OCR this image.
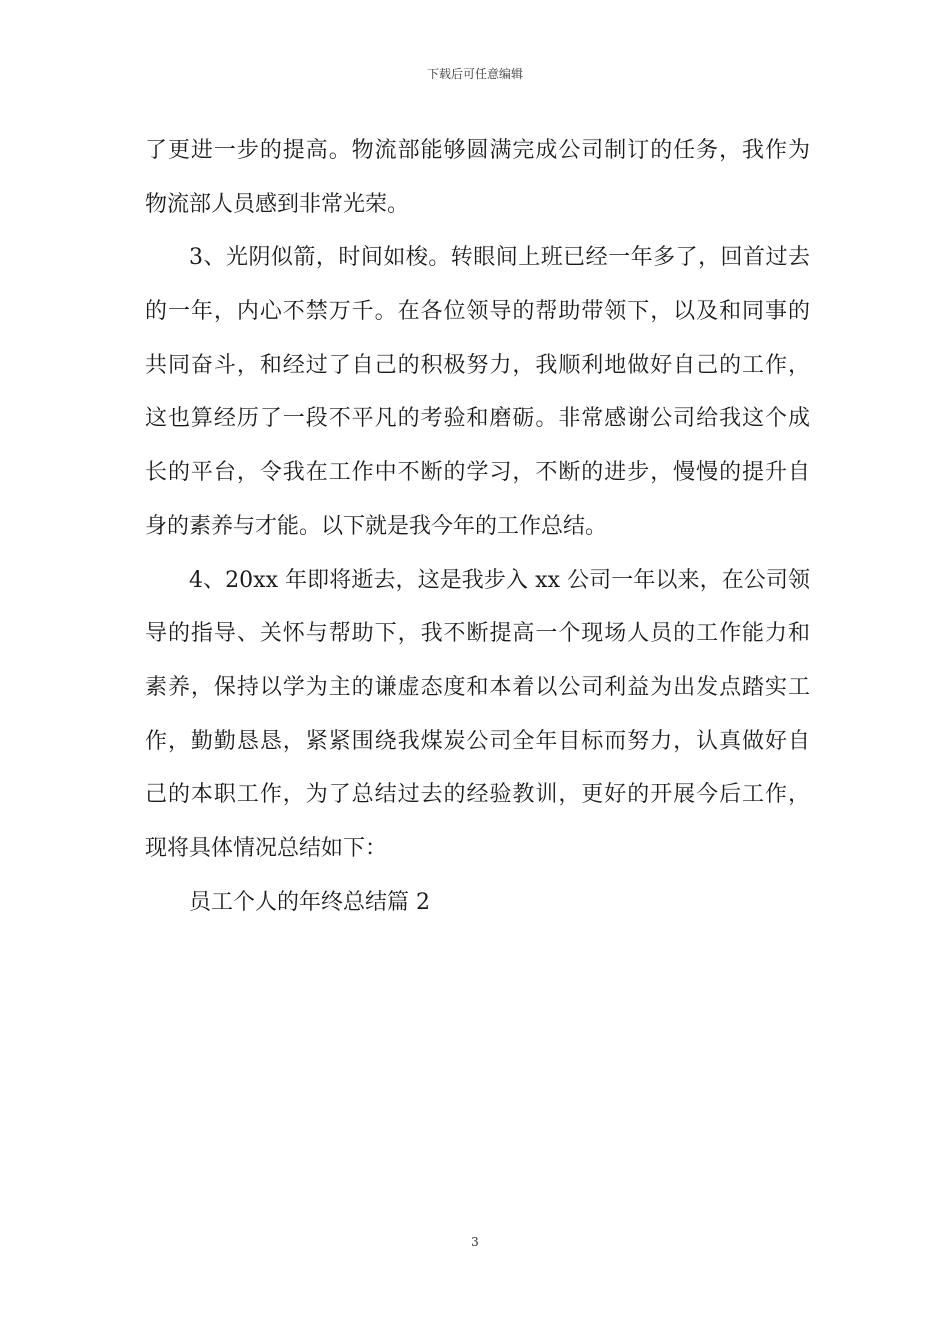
下载后可任意编辑
了更进一步的提高。物流部能够圆满完成公司制订的任务，我作为
物流部人员感到非常光荣。
3、光阴似箭，时间如梭。转眼间上班已经一年多了，回首过去
的一年，内心不禁万千。在各位领导的帮助带领下，以及和同事的
共同奋斗，和经过了自己的积极努力，我顺利地做好自己的工作，
这也算经历了一段不平凡的考验和磨砺。非常感谢公司给我这个成
长的平台，令我在工作中不断的学习，不断的进步，慢慢的提升自
身的素养与才能。以下就是我今年的工作总结。
4、20xx 年即将逝去，这是我步入 xx 公司一年以来，在公司领
导的指导、关怀与帮助下，我不断提高一个现场人员的工作能力和
素养，保持以学为主的谦虚态度和本着以公司利益为出发点踏实工
作，勤勤恳恳，紧紧围绕我煤炭公司全年目标而努力，认真做好自
己的本职工作，为了总结过去的经验教训，更好的开展今后工作，
现将具体情况总结如下：
员工个人的年终总结篇 2
3
